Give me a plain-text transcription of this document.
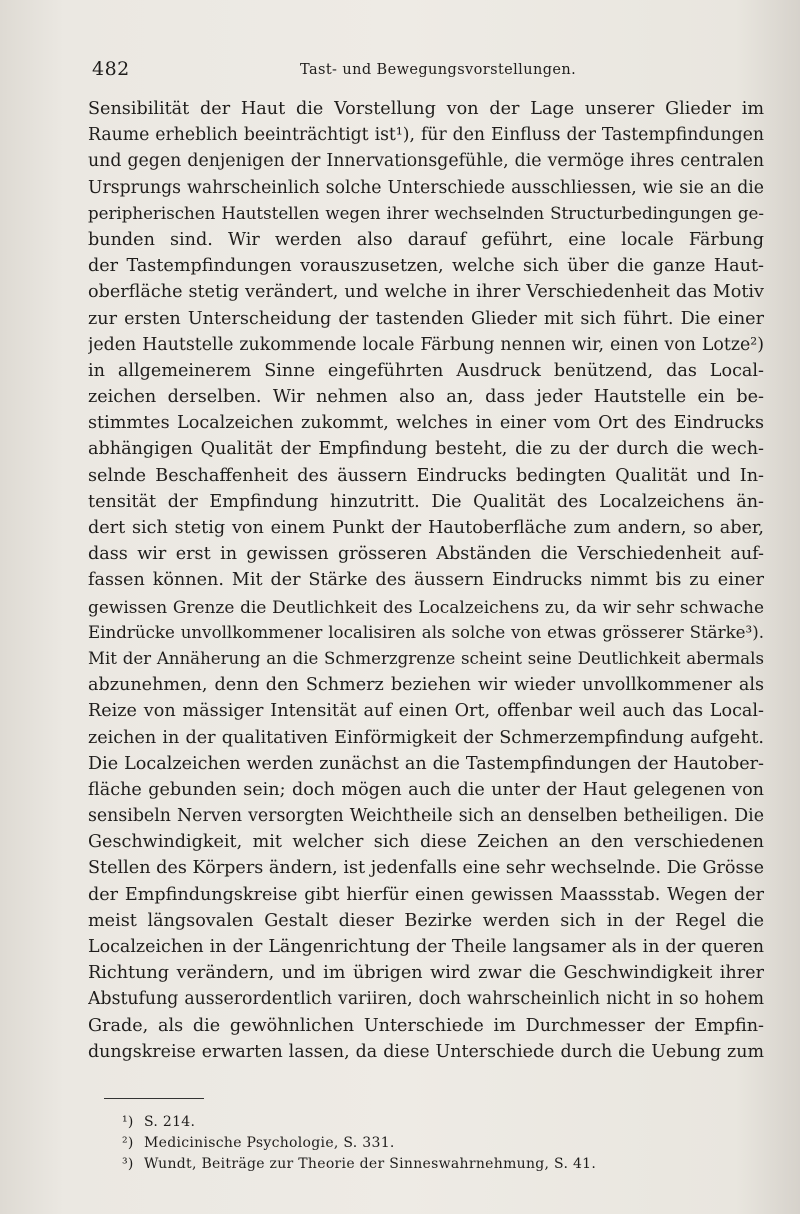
482	Tast- und Bewegungsvorstellungen.
Sensibilität der Haut die Vorstellung von der Lage unserer Glieder im
Raume erheblich beeinträchtigt ist¹), für den Einfluss der Tastempfindungen
und gegen denjenigen der Innervationsgefühle, die vermöge ihres centralen
Ursprungs wahrscheinlich solche Unterschiede ausschliessen, wie sie an die
peripherischen Hautstellen wegen ihrer wechselnden Structurbedingungen ge-
bunden sind. Wir werden also darauf geführt, eine locale Färbung
der Tastempfindungen vorauszusetzen, welche sich über die ganze Haut-
oberfläche stetig verändert, und welche in ihrer Verschiedenheit das Motiv
zur ersten Unterscheidung der tastenden Glieder mit sich führt. Die einer
jeden Hautstelle zukommende locale Färbung nennen wir, einen von Lotze²)
in allgemeinerem Sinne eingeführten Ausdruck benützend, das Local-
zeichen derselben. Wir nehmen also an, dass jeder Hautstelle ein be-
stimmtes Localzeichen zukommt, welches in einer vom Ort des Eindrucks
abhängigen Qualität der Empfindung besteht, die zu der durch die wech-
selnde Beschaffenheit des äussern Eindrucks bedingten Qualität und In-
tensität der Empfindung hinzutritt. Die Qualität des Localzeichens än-
dert sich stetig von einem Punkt der Hautoberfläche zum andern, so aber,
dass wir erst in gewissen grösseren Abständen die Verschiedenheit auf-
fassen können. Mit der Stärke des äussern Eindrucks nimmt bis zu einer
gewissen Grenze die Deutlichkeit des Localzeichens zu, da wir sehr schwache
Eindrücke unvollkommener localisiren als solche von etwas grösserer Stärke³).
Mit der Annäherung an die Schmerzgrenze scheint seine Deutlichkeit abermals
abzunehmen, denn den Schmerz beziehen wir wieder unvollkommener als
Reize von mässiger Intensität auf einen Ort, offenbar weil auch das Local-
zeichen in der qualitativen Einförmigkeit der Schmerzempfindung aufgeht.
Die Localzeichen werden zunächst an die Tastempfindungen der Hautober-
fläche gebunden sein; doch mögen auch die unter der Haut gelegenen von
sensibeln Nerven versorgten Weichtheile sich an denselben betheiligen. Die
Geschwindigkeit, mit welcher sich diese Zeichen an den verschiedenen
Stellen des Körpers ändern, ist jedenfalls eine sehr wechselnde. Die Grösse
der Empfindungskreise gibt hierfür einen gewissen Maassstab. Wegen der
meist längsovalen Gestalt dieser Bezirke werden sich in der Regel die
Localzeichen in der Längenrichtung der Theile langsamer als in der queren
Richtung verändern, und im übrigen wird zwar die Geschwindigkeit ihrer
Abstufung ausserordentlich variiren, doch wahrscheinlich nicht in so hohem
Grade, als die gewöhnlichen Unterschiede im Durchmesser der Empfin-
dungskreise erwarten lassen, da diese Unterschiede durch die Uebung zum
¹) S. 214.
²) Medicinische Psychologie, S. 331.
³) Wundt, Beiträge zur Theorie der Sinneswahrnehmung, S. 41.
